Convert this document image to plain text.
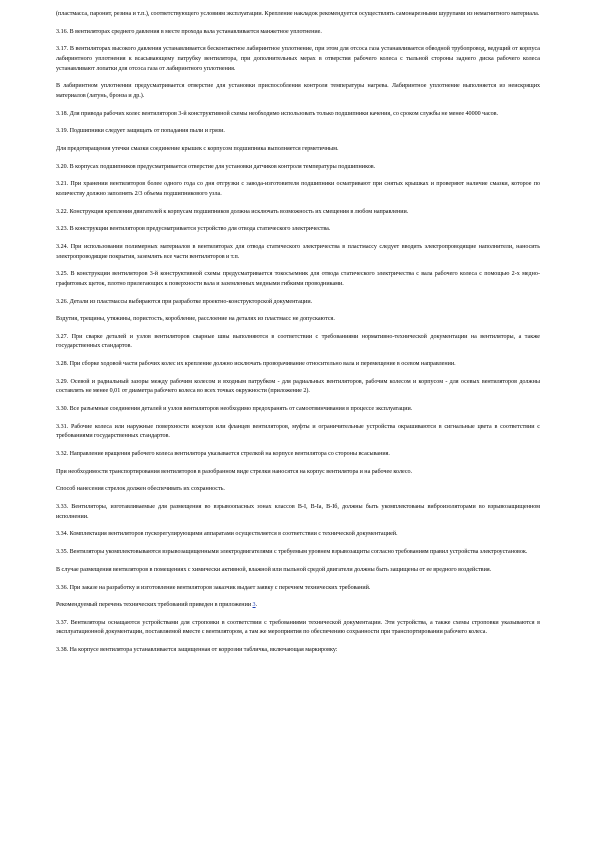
(пластмасса, паронит, резина и т.п.), соответствующего условиям эксплуатации. Крепление накладок рекомендуется осуществлять самонарезными шурупами из немагнитного материала.

3.16. В вентиляторах среднего давления в месте прохода вала устанавливается манжетное уплотнение.

3.17. В вентиляторах высокого давления устанавливается бесконтактное лабиринтное уплотнение, при этом для отсоса газа устанавливается обводной трубопровод, ведущий от корпуса лабиринтного уплотнения к всасывающему патрубку вентилятора, при дополнительных мерах в отверстия рабочего колеса с тыльной стороны заднего диска рабочего колеса устанавливают лопатки для отсоса газа от лабиринтного уплотнения.

В лабиринтном уплотнении предусматривается отверстие для установки приспособления контроля температуры нагрева. Лабиринтное уплотнение выполняется из неискрящих материалов (латунь, бронза и др.).

3.18. Для привода рабочих колес вентиляторов 3-й конструктивной схемы необходимо использовать только подшипники качения, со сроком службы не менее 40000 часов.

3.19. Подшипники следует защищать от попадания пыли и грязи.

Для предотвращения утечки смазки соединение крышек с корпусом подшипника выполняется герметичным.

3.20. В корпусах подшипников предусматривается отверстие для установки датчиков контроля температуры подшипников.

3.21. При хранении вентиляторов более одного года со дня отгрузки с завода-изготовителя подшипники осматривают при снятых крышках и проверяют наличие смазки, которое по количеству должно заполнять 2/3 объема подшипникового узла.

3.22. Конструкция крепления двигателей к корпусам подшипников должна исключать возможность их смещения в любом направлении.

3.23. В конструкции вентиляторов предусматривается устройство для отвода статического электричества.

3.24. При использовании полимерных материалов в вентиляторах для отвода статического электричества в пластмассу следует вводить электропроводящие наполнители, наносить электропроводящие покрытия, заземлять все части вентиляторов и т.п.

3.25. В конструкции вентиляторов 3-й конструктивной схемы предусматривается токосъемник для отвода статического электричества с вала рабочего колеса с помощью 2-х медно-графитовых щеток, плотно прилегающих к поверхности вала и заземленных медными гибкими проводниками.

3.26. Детали из пластмассы выбираются при разработке проектно-конструкторской документации.

Вздутия, трещины, утяжины, пористость, коробление, расслоение на деталях из пластмасс не допускаются.

3.27. При сварке деталей и узлов вентиляторов сварные швы выполняются в соответствии с требованиями нормативно-технической документации на вентиляторы, а также государственных стандартов.

3.28. При сборке ходовой части рабочих колес их крепление должно исключать проворачивание относительно вала и перемещение в осевом направлении.

3.29. Осевой и радиальный зазоры между рабочим колесом и входным патрубком - для радиальных вентиляторов, рабочим колесом и корпусом - для осевых вентиляторов должны составлять не менее 0,01 от диаметра рабочего колеса во всех точках окружности (приложение 2).

3.30. Все разъемные соединения деталей и узлов вентиляторов необходимо предохранять от самоотвинчивания в процессе эксплуатации.

3.31. Рабочие колеса или наружные поверхности кожухов или фланцев вентиляторов, муфты и ограничительные устройства окрашиваются в сигнальные цвета в соответствии с требованиями государственных стандартов.

3.32. Направление вращения рабочего колеса вентилятора указывается стрелкой на корпусе вентилятора со стороны всасывания.

При необходимости транспортирования вентиляторов в разобранном виде стрелки наносятся на корпус вентилятора и на рабочее колесо.

Способ нанесения стрелок должен обеспечивать их сохранность.

3.33. Вентиляторы, изготавливаемые для размещения во взрывоопасных зонах классов В-I, В-Iа, В-Iб, должны быть укомплектованы виброизоляторами во взрывозащищенном исполнении.

3.34. Комплектация вентиляторов пускорегулирующими аппаратами осуществляется в соответствии с технической документацией.

3.35. Вентиляторы укомплектовываются взрывозащищенными электродвигателями с требуемым уровнем взрывозащиты согласно требованиям правил устройства электроустановок.

В случае размещения вентиляторов в помещениях с химически активной, влажной или пыльной средой двигатели должны быть защищены от ее вредного воздействия.

3.36. При заказе на разработку и изготовление вентиляторов заказчик выдает заявку с перечнем технических требований.

Рекомендуемый перечень технических требований приведен в приложении 3.

3.37. Вентиляторы оснащаются устройствами для строповки в соответствии с требованиями технической документации. Эти устройства, а также схемы строповки указываются в эксплуатационной документации, поставляемой вместе с вентилятором, а там же мероприятия по обеспечению сохранности при транспортировании рабочего колеса.

3.38. На корпусе вентилятора устанавливается защищенная от коррозии табличка, включающая маркировку:
